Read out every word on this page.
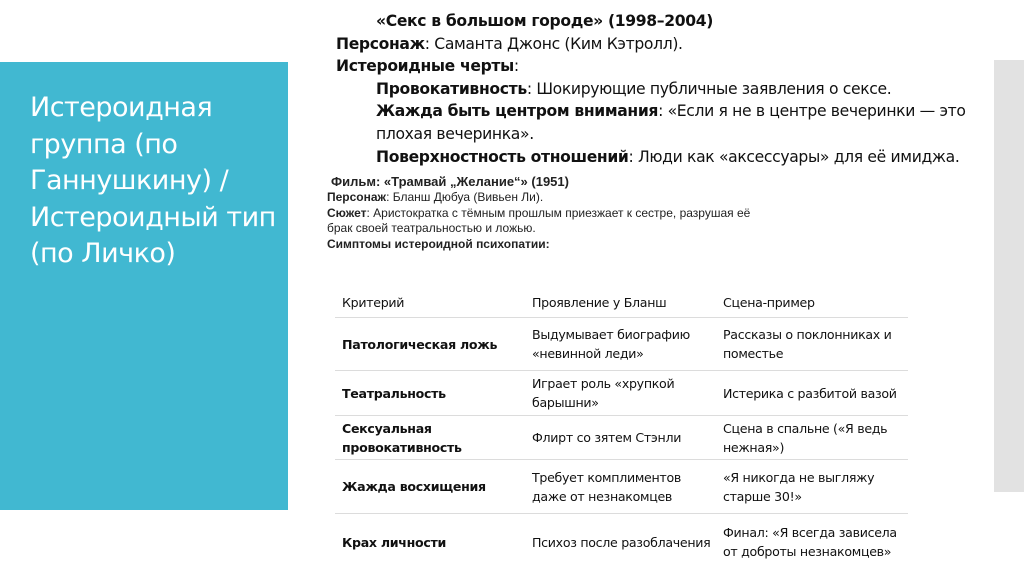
Истероидная группа (по Ганнушкину) / Истероидный тип (по Личко)
«Секс в большом городе» (1998–2004)
Персонаж: Саманта Джонс (Ким Кэтролл).
Истероидные черты:
Провокативность: Шокирующие публичные заявления о сексе.
Жажда быть центром внимания: «Если я не в центре вечеринки — это
плохая вечеринка».
Поверхностность отношений: Люди как «аксессуары» для её имиджа.
Фильм: «Трамвай „Желание“» (1951)
Персонаж: Бланш Дюбуа (Вивьен Ли).
Сюжет: Аристократка с тёмным прошлым приезжает к сестре, разрушая её
брак своей театральностью и ложью.
Симптомы истероидной психопатии:
Критерий	Проявление у Бланш	Сцена-пример
Патологическая ложь	Выдумывает биографию «невинной леди»	Рассказы о поклонниках и поместье
Театральность	Играет роль «хрупкой барышни»	Истерика с разбитой вазой
Сексуальная провокативность	Флирт со зятем Стэнли	Сцена в спальне («Я ведь нежная»)
Жажда восхищения	Требует комплиментов даже от незнакомцев	«Я никогда не выгляжу старше 30!»
Крах личности	Психоз после разоблачения	Финал: «Я всегда зависела от доброты незнакомцев»
